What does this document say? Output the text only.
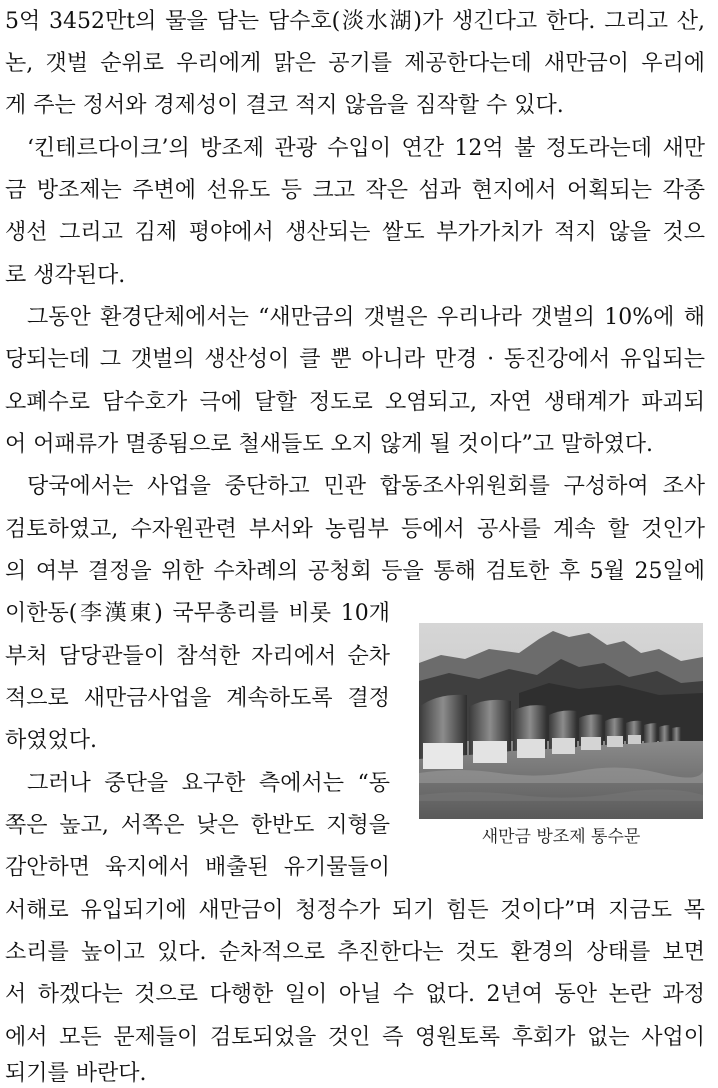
5억 3452만t의 물을 담는 담수호(淡水湖)가 생긴다고 한다. 그리고 산,
논, 갯벌 순위로 우리에게 맑은 공기를 제공한다는데 새만금이 우리에
게 주는 정서와 경제성이 결코 적지 않음을 짐작할 수 있다.
‘킨테르다이크’의 방조제 관광 수입이 연간 12억 불 정도라는데 새만
금 방조제는 주변에 선유도 등 크고 작은 섬과 현지에서 어획되는 각종
생선 그리고 김제 평야에서 생산되는 쌀도 부가가치가 적지 않을 것으
로 생각된다.
그동안 환경단체에서는 “새만금의 갯벌은 우리나라 갯벌의 10%에 해
당되는데 그 갯벌의 생산성이 클 뿐 아니라 만경 · 동진강에서 유입되는
오폐수로 담수호가 극에 달할 정도로 오염되고, 자연 생태계가 파괴되
어 어패류가 멸종됨으로 철새들도 오지 않게 될 것이다”고 말하였다.
당국에서는 사업을 중단하고 민관 합동조사위원회를 구성하여 조사
검토하였고, 수자원관련 부서와 농림부 등에서 공사를 계속 할 것인가
의 여부 결정을 위한 수차례의 공청회 등을 통해 검토한 후 5월 25일에
이한동(李漢東) 국무총리를 비롯 10개
부처 담당관들이 참석한 자리에서 순차
적으로 새만금사업을 계속하도록 결정
하였었다.
그러나 중단을 요구한 측에서는 “동
쪽은 높고, 서쪽은 낮은 한반도 지형을
감안하면 육지에서 배출된 유기물들이
서해로 유입되기에 새만금이 청정수가 되기 힘든 것이다”며 지금도 목
소리를 높이고 있다. 순차적으로 추진한다는 것도 환경의 상태를 보면
서 하겠다는 것으로 다행한 일이 아닐 수 없다. 2년여 동안 논란 과정
에서 모든 문제들이 검토되었을 것인 즉 영원토록 후회가 없는 사업이
되기를 바란다.
새만금 방조제 통수문
